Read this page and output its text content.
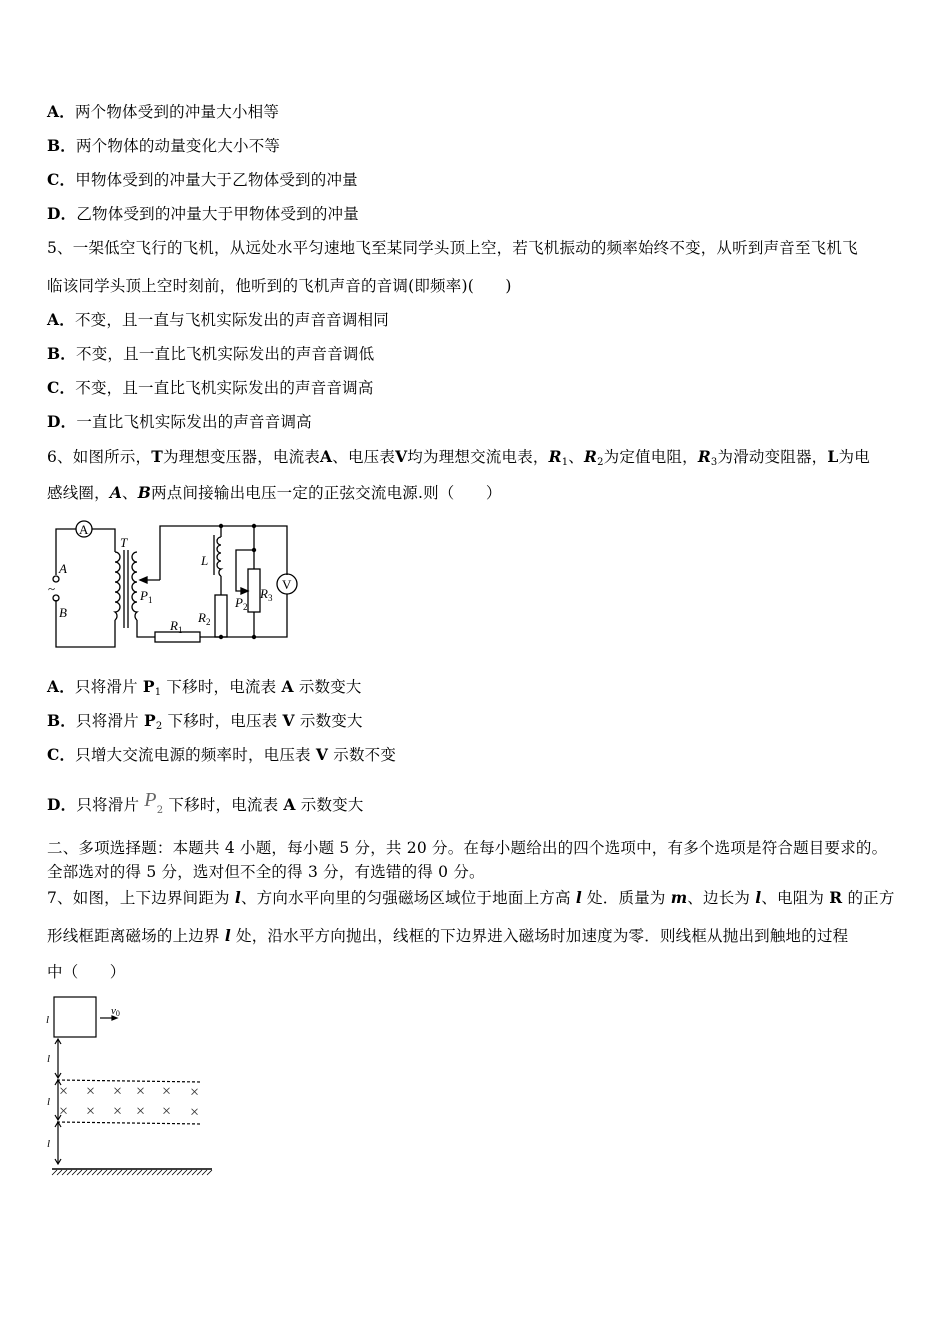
A．两个物体受到的冲量大小相等
B．两个物体的动量变化大小不等
C．甲物体受到的冲量大于乙物体受到的冲量
D．乙物体受到的冲量大于甲物体受到的冲量
5、一架低空飞行的飞机，从远处水平匀速地飞至某同学头顶上空，若飞机振动的频率始终不变，从听到声音至飞机飞
临该同学头顶上空时刻前，他听到的飞机声音的音调(即频率)(　　)
A．不变，且一直与飞机实际发出的声音音调相同
B．不变，且一直比飞机实际发出的声音音调低
C．不变，且一直比飞机实际发出的声音音调高
D．一直比飞机实际发出的声音音调高
6、如图所示，T为理想变压器，电流表A、电压表V均为理想交流电表，$R_1$、$R_2$为定值电阻，$R_3$为滑动变阻器，L为电
感线圈，A、B两点间接输出电压一定的正弦交流电源.则（　　）
A
V
T
A
B
~
L
$P_1$	$P_2$
$R_1$
$R_2$
$R_3$
A．只将滑片 $P_1$ 下移时，电流表 A 示数变大
B．只将滑片 $P_2$ 下移时，电压表 V 示数变大
C．只增大交流电源的频率时，电压表 V 示数不变
D．只将滑片 $P_2$ 下移时，电流表 A 示数变大
二、多项选择题：本题共 4 小题，每小题 5 分，共 20 分。在每小题给出的四个选项中，有多个选项是符合题目要求的。
全部选对的得 5 分，选对但不全的得 3 分，有选错的得 0 分。
7、如图，上下边界间距为 l、方向水平向里的匀强磁场区域位于地面上方高 l 处．质量为 m、边长为 l、电阻为 R 的正方
形线框距离磁场的上边界 l 处，沿水平方向抛出，线框的下边界进入磁场时加速度为零．则线框从抛出到触地的过程
中（　　）
× × × × × ×
× × × × × ×
l
l
l
l
v0
